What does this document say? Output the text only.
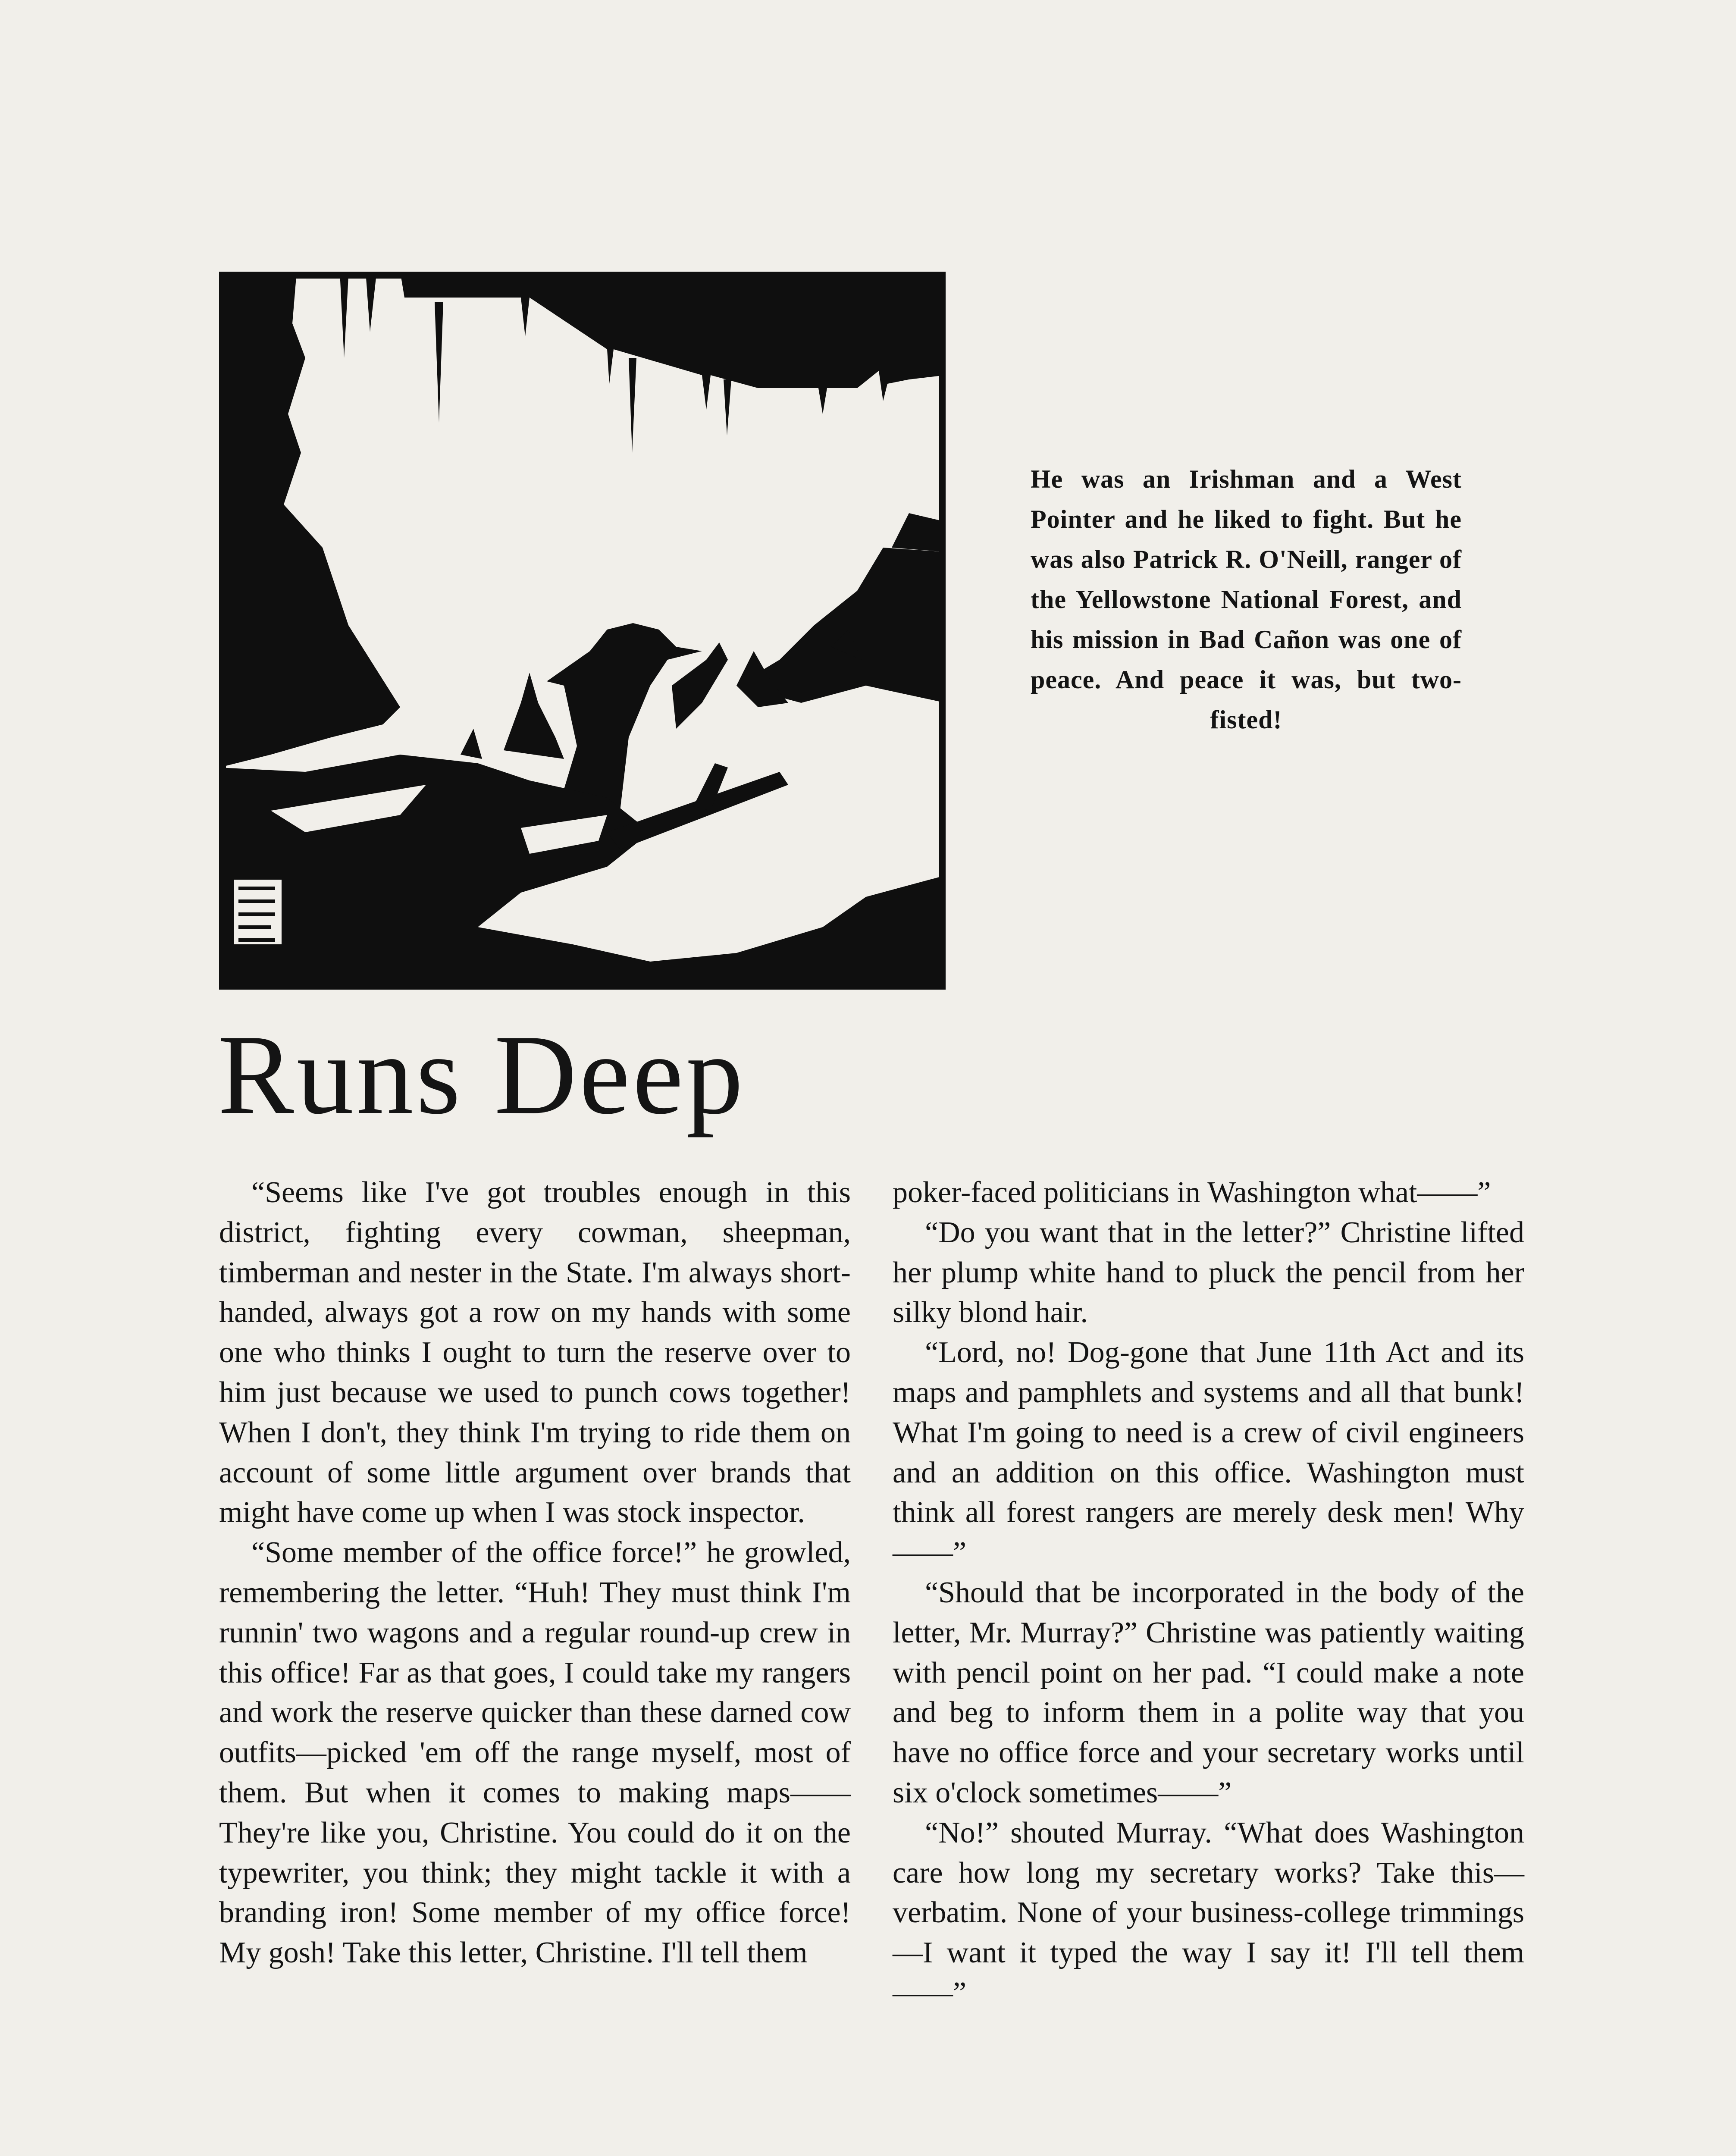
He was an Irishman and a West Pointer and he liked to fight. But he was also Patrick R. O'Neill, ranger of the Yellowstone National Forest, and his mission in Bad Cañon was one of peace. And peace it was, but two-fisted!
Runs Deep

“Seems like I've got troubles enough in this district, fighting every cowman, sheepman, timberman and nester in the State. I'm always short-handed, always got a row on my hands with some one who thinks I ought to turn the reserve over to him just because we used to punch cows together! When I don't, they think I'm trying to ride them on account of some little argument over brands that might have come up when I was stock inspector.

“Some member of the office force!” he growled, remembering the letter. “Huh! They must think I'm runnin' two wagons and a regular round-up crew in this office! Far as that goes, I could take my rangers and work the reserve quicker than these darned cow outfits—picked 'em off the range myself, most of them. But when it comes to making maps—— They're like you, Christine. You could do it on the typewriter, you think; they might tackle it with a branding iron! Some member of my office force! My gosh! Take this letter, Christine. I'll tell them

poker-faced politicians in Washington what——”

“Do you want that in the letter?” Christine lifted her plump white hand to pluck the pencil from her silky blond hair.

“Lord, no! Dog-gone that June 11th Act and its maps and pamphlets and systems and all that bunk! What I'm going to need is a crew of civil engineers and an addition on this office. Washington must think all forest rangers are merely desk men! Why——”

“Should that be incorporated in the body of the letter, Mr. Murray?” Christine was patiently waiting with pencil point on her pad. “I could make a note and beg to inform them in a polite way that you have no office force and your secretary works until six o'clock sometimes——”

“No!” shouted Murray. “What does Washington care how long my secretary works? Take this—verbatim. None of your business-college trimmings—I want it typed the way I say it! I'll tell them——”
